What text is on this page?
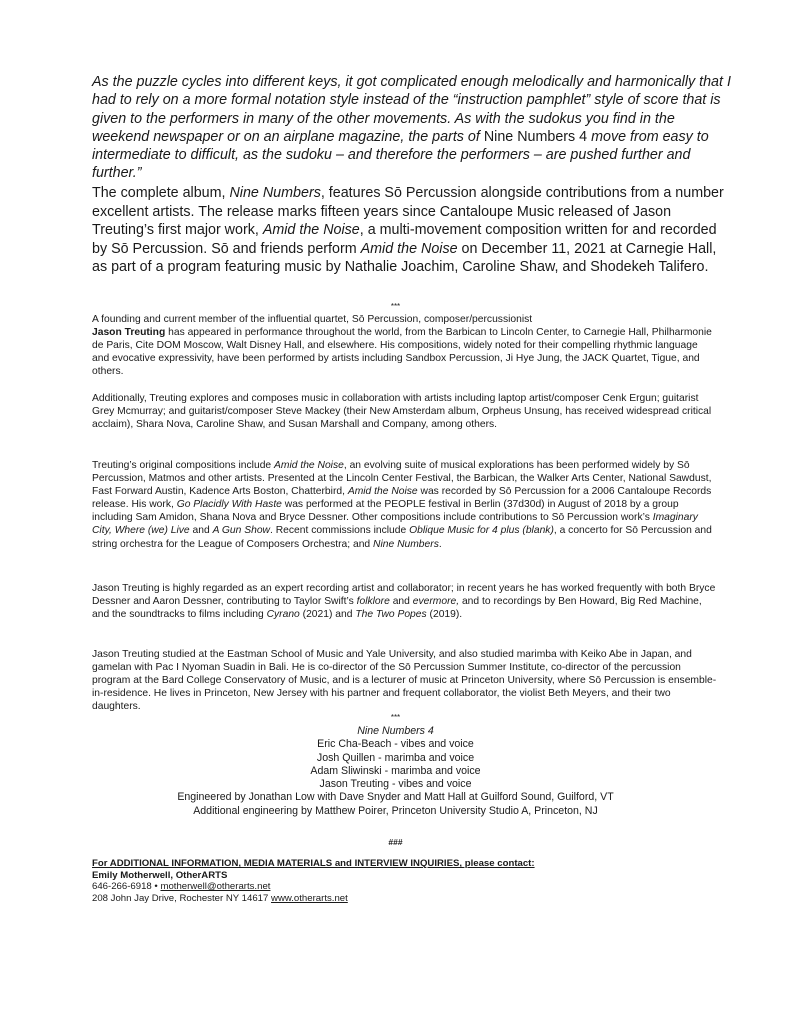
As the puzzle cycles into different keys, it got complicated enough melodically and harmonically that I had to rely on a more formal notation style instead of the “instruction pamphlet” style of score that is given to the performers in many of the other movements. As with the sudokus you find in the weekend newspaper or on an airplane magazine, the parts of Nine Numbers 4 move from easy to intermediate to difficult, as the sudoku – and therefore the performers – are pushed further and further.”

The complete album, Nine Numbers, features Sō Percussion alongside contributions from a number excellent artists. The release marks fifteen years since Cantaloupe Music released of Jason Treuting’s first major work, Amid the Noise, a multi-movement composition written for and recorded by Sō Percussion. Sō and friends perform Amid the Noise on December 11, 2021 at Carnegie Hall, as part of a program featuring music by Nathalie Joachim, Caroline Shaw, and Shodekeh Talifero.

***

A founding and current member of the influential quartet, Sō Percussion, composer/percussionist
Jason Treuting has appeared in performance throughout the world, from the Barbican to Lincoln Center, to Carnegie Hall, Philharmonie de Paris, Cite DOM Moscow, Walt Disney Hall, and elsewhere. His compositions, widely noted for their compelling rhythmic language and evocative expressivity, have been performed by artists including Sandbox Percussion, Ji Hye Jung, the JACK Quartet, Tigue, and others.

Additionally, Treuting explores and composes music in collaboration with artists including laptop artist/composer Cenk Ergun; guitarist Grey Mcmurray; and guitarist/composer Steve Mackey (their New Amsterdam album, Orpheus Unsung, has received widespread critical acclaim), Shara Nova, Caroline Shaw, and Susan Marshall and Company, among others.

Treuting’s original compositions include Amid the Noise, an evolving suite of musical explorations has been performed widely by Sō Percussion, Matmos and other artists. Presented at the Lincoln Center Festival, the Barbican, the Walker Arts Center, National Sawdust, Fast Forward Austin, Kadence Arts Boston, Chatterbird, Amid the Noise was recorded by Sō Percussion for a 2006 Cantaloupe Records release. His work, Go Placidly With Haste was performed at the PEOPLE festival in Berlin (37d30d) in August of 2018 by a group including Sam Amidon, Shana Nova and Bryce Dessner. Other compositions include contributions to Sō Percussion work’s Imaginary City, Where (we) Live and A Gun Show. Recent commissions include Oblique Music for 4 plus (blank), a concerto for Sō Percussion and string orchestra for the League of Composers Orchestra; and Nine Numbers.

Jason Treuting is highly regarded as an expert recording artist and collaborator; in recent years he has worked frequently with both Bryce Dessner and Aaron Dessner, contributing to Taylor Swift’s folklore and evermore, and to recordings by Ben Howard, Big Red Machine, and the soundtracks to films including Cyrano (2021) and The Two Popes (2019).

Jason Treuting studied at the Eastman School of Music and Yale University, and also studied marimba with Keiko Abe in Japan, and gamelan with Pac I Nyoman Suadin in Bali. He is co-director of the Sō Percussion Summer Institute, co-director of the percussion program at the Bard College Conservatory of Music, and is a lecturer of music at Princeton University, where Sō Percussion is ensemble-in-residence. He lives in Princeton, New Jersey with his partner and frequent collaborator, the violist Beth Meyers, and their two daughters.

***
Nine Numbers 4
Eric Cha-Beach - vibes and voice
Josh Quillen - marimba and voice
Adam Sliwinski - marimba and voice
Jason Treuting - vibes and voice
Engineered by Jonathan Low with Dave Snyder and Matt Hall at Guilford Sound, Guilford, VT
Additional engineering by Matthew Poirer, Princeton University Studio A, Princeton, NJ
###
For ADDITIONAL INFORMATION, MEDIA MATERIALS and INTERVIEW INQUIRIES, please contact:
Emily Motherwell, OtherARTS
646-266-6918 • motherwell@otherarts.net
208 John Jay Drive, Rochester NY 14617 www.otherarts.net
